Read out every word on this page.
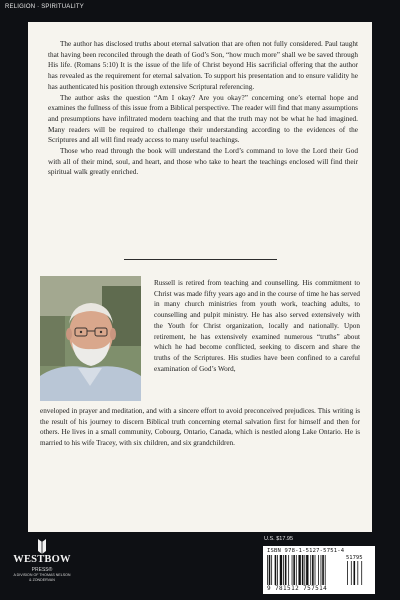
RELIGION · SPIRITUALITY

The author has disclosed truths about eternal salvation that are often not fully considered. Paul taught that having been reconciled through the death of God’s Son, “how much more” shall we be saved through His life. (Romans 5:10) It is the issue of the life of Christ beyond His sacrificial offering that the author has revealed as the requirement for eternal salvation. To support his presentation and to ensure validity he has authenticated his position through extensive Scriptural referencing.

The author asks the question “Am I okay? Are you okay?” concerning one’s eternal hope and examines the fullness of this issue from a Biblical perspective. The reader will find that many assumptions and presumptions have infiltrated modern teaching and that the truth may not be what he had imagined. Many readers will be required to challenge their understanding according to the evidences of the Scriptures and all will find ready access to many useful teachings.

Those who read through the book will understand the Lord’s command to love the Lord their God with all of their mind, soul, and heart, and those who take to heart the teachings enclosed will find their spiritual walk greatly enriched.

Russell is retired from teaching and counselling. His commitment to Christ was made fifty years ago and in the course of time he has served in many church ministries from youth work, teaching adults, to counselling and pulpit ministry. He has also served extensively with the Youth for Christ organization, locally and nationally. Upon retirement, he has extensively examined numerous “truths” about which he had become conflicted, seeking to discern and share the truths of the Scriptures. His studies have been confined to a careful examination of God’s Word,
enveloped in prayer and meditation, and with a sincere effort to avoid preconceived prejudices. This writing is the result of his journey to discern Biblical truth concerning eternal salvation first for himself and then for others. He lives in a small community, Cobourg, Ontario, Canada, which is nestled along Lake Ontario. He is married to his wife Tracey, with six children, and six grandchildren.
WESTBOW
PRESS®
A DIVISION OF THOMAS NELSON
& ZONDERVAN
U.S. $17.95
ISBN 978-1-5127-5751-4
51795
9 781512 757514
